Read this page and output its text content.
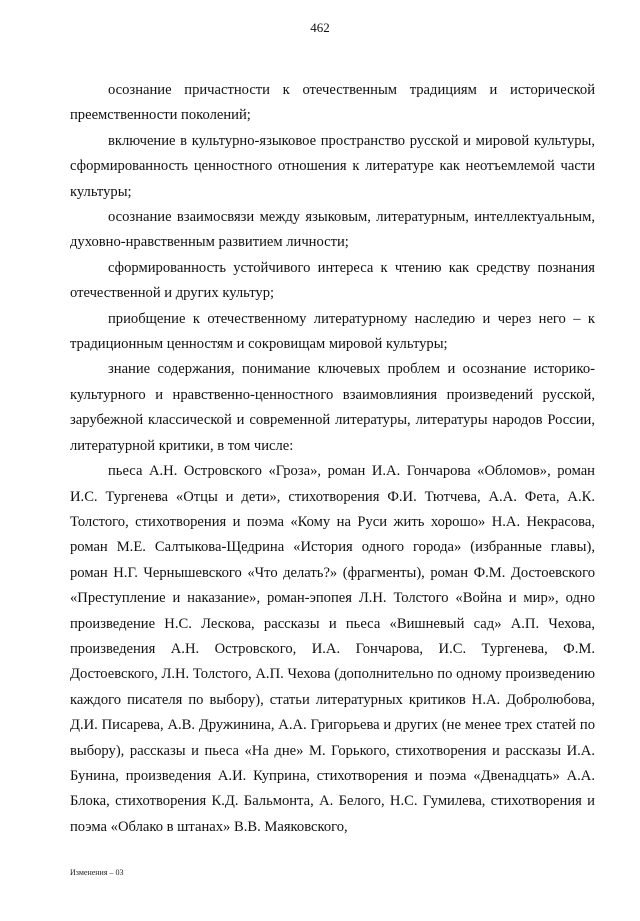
462

осознание причастности к отечественным традициям и исторической преемственности поколений;

включение в культурно-языковое пространство русской и мировой культуры, сформированность ценностного отношения к литературе как неотъемлемой части культуры;

осознание взаимосвязи между языковым, литературным, интеллектуальным, духовно-нравственным развитием личности;

сформированность устойчивого интереса к чтению как средству познания отечественной и других культур;

приобщение к отечественному литературному наследию и через него – к традиционным ценностям и сокровищам мировой культуры;

знание содержания, понимание ключевых проблем и осознание историко-культурного и нравственно-ценностного взаимовлияния произведений русской, зарубежной классической и современной литературы, литературы народов России, литературной критики, в том числе:

пьеса А.Н. Островского «Гроза», роман И.А. Гончарова «Обломов», роман И.С. Тургенева «Отцы и дети», стихотворения Ф.И. Тютчева, А.А. Фета, А.К. Толстого, стихотворения и поэма «Кому на Руси жить хорошо» Н.А. Некрасова, роман М.Е. Салтыкова-Щедрина «История одного города» (избранные главы), роман Н.Г. Чернышевского «Что делать?» (фрагменты), роман Ф.М. Достоевского «Преступление и наказание», роман-эпопея Л.Н. Толстого «Война и мир», одно произведение Н.С. Лескова, рассказы и пьеса «Вишневый сад» А.П. Чехова, произведения А.Н. Островского, И.А. Гончарова, И.С. Тургенева, Ф.М. Достоевского, Л.Н. Толстого, А.П. Чехова (дополнительно по одному произведению каждого писателя по выбору), статьи литературных критиков Н.А. Добролюбова, Д.И. Писарева, А.В. Дружинина, А.А. Григорьева и других (не менее трех статей по выбору), рассказы и пьеса «На дне» М. Горького, стихотворения и рассказы И.А. Бунина, произведения А.И. Куприна, стихотворения и поэма «Двенадцать» А.А. Блока, стихотворения К.Д. Бальмонта, А. Белого, Н.С. Гумилева, стихотворения и поэма «Облако в штанах» В.В. Маяковского,

Изменения – 03
